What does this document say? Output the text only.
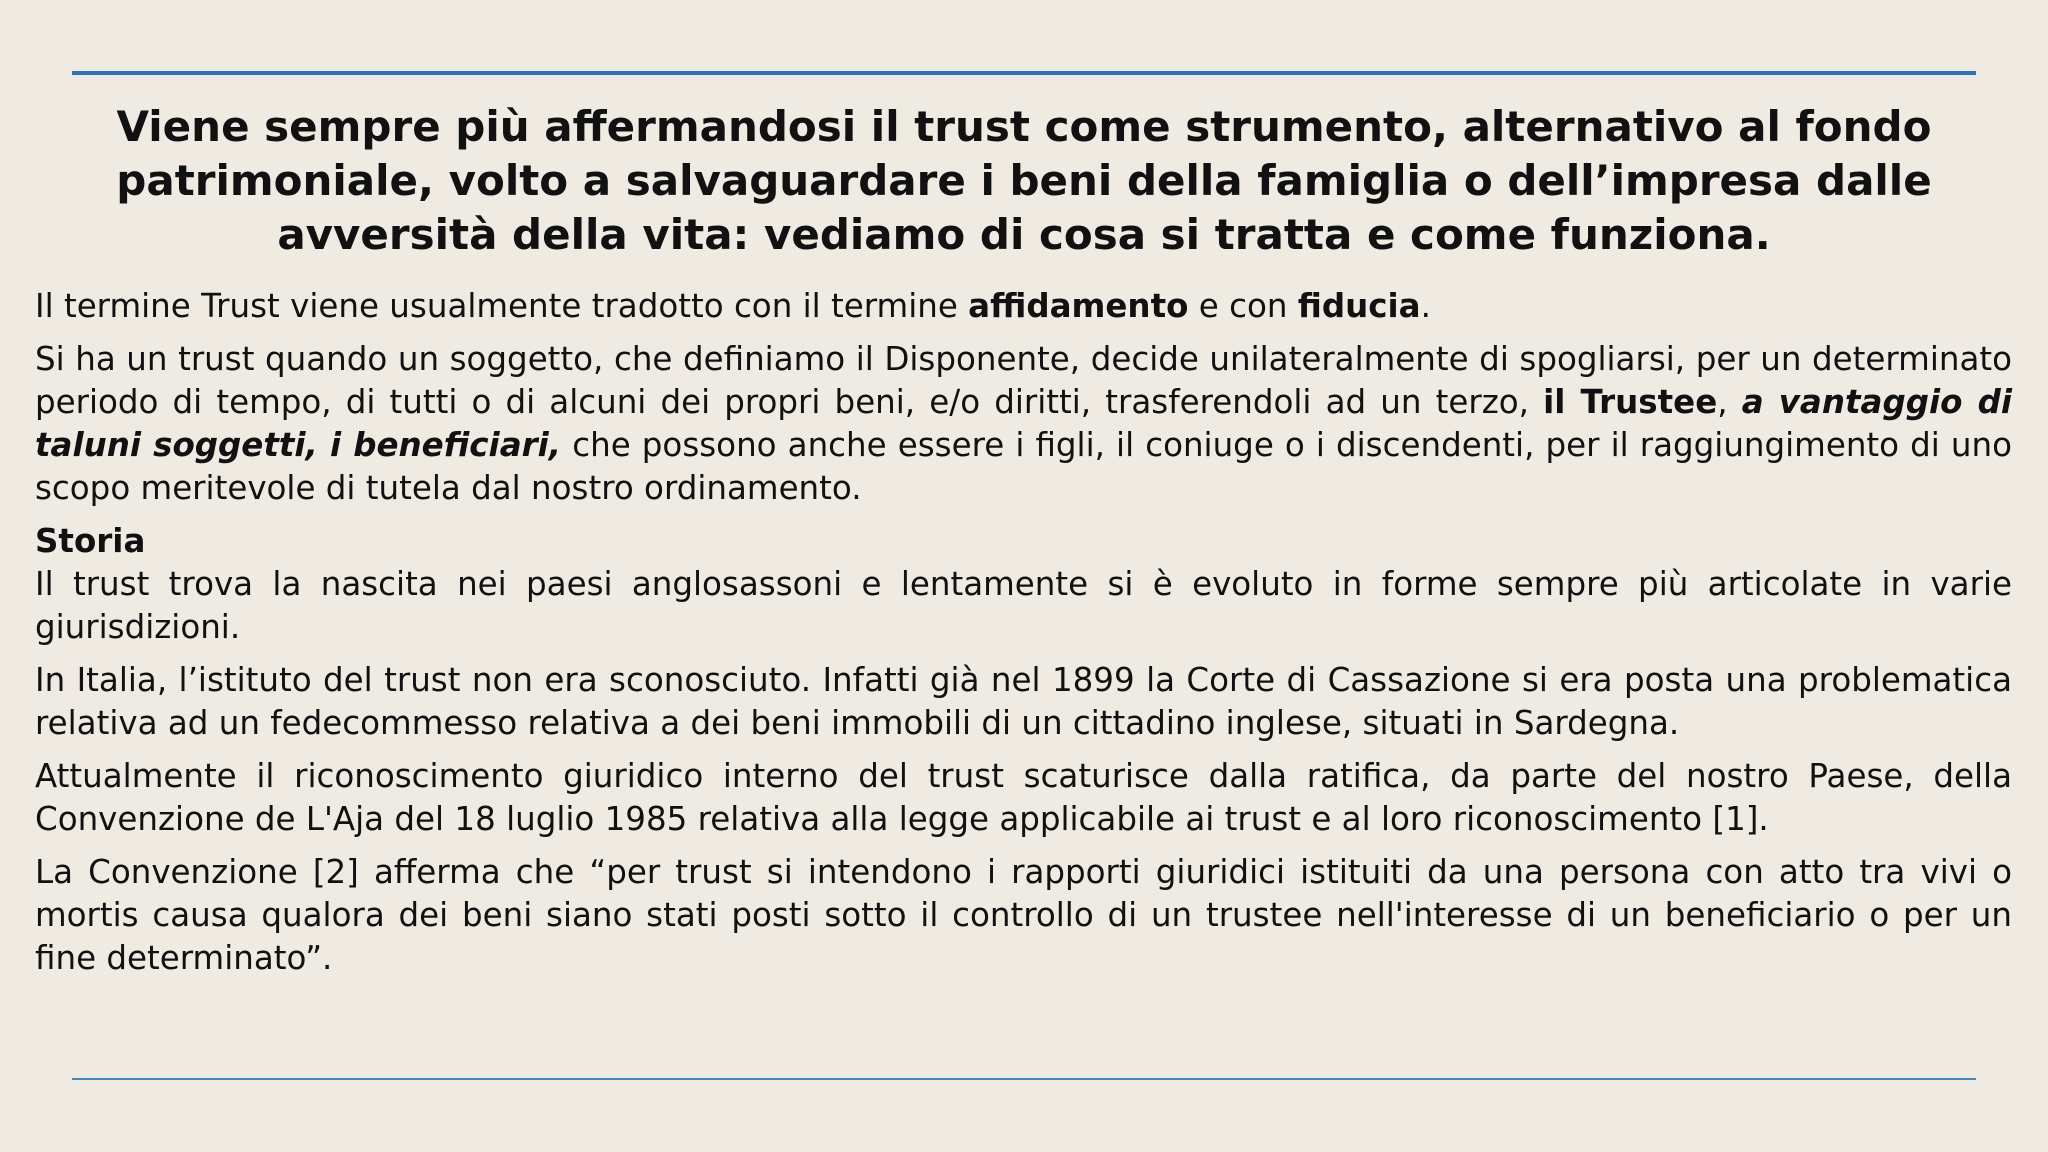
Viene sempre più affermandosi il trust come strumento, alternativo al fondo patrimoniale, volto a salvaguardare i beni della famiglia o dell’impresa dalle avversità della vita: vediamo di cosa si tratta e come funziona.

Il termine Trust viene usualmente tradotto con il termine affidamento e con fiducia.

Si ha un trust quando un soggetto, che definiamo il Disponente, decide unilateralmente di spogliarsi, per un determinato periodo di tempo, di tutti o di alcuni dei propri beni, e/o diritti, trasferendoli ad un terzo, il Trustee, a vantaggio di taluni soggetti, i beneficiari, che possono anche essere i figli, il coniuge o i discendenti, per il raggiungimento di uno scopo meritevole di tutela dal nostro ordinamento.

Storia

Il trust trova la nascita nei paesi anglosassoni e lentamente si è evoluto in forme sempre più articolate in varie giurisdizioni.

In Italia, l’istituto del trust non era sconosciuto. Infatti già nel 1899 la Corte di Cassazione si era posta una problematica relativa ad un fedecommesso relativa a dei beni immobili di un cittadino inglese, situati in Sardegna.

Attualmente il riconoscimento giuridico interno del trust scaturisce dalla ratifica, da parte del nostro Paese, della Convenzione de L'Aja del 18 luglio 1985 relativa alla legge applicabile ai trust e al loro riconoscimento [1].

La Convenzione [2] afferma che “per trust si intendono i rapporti giuridici istituiti da una persona con atto tra vivi o mortis causa qualora dei beni siano stati posti sotto il controllo di un trustee nell'interesse di un beneficiario o per un fine determinato”.
